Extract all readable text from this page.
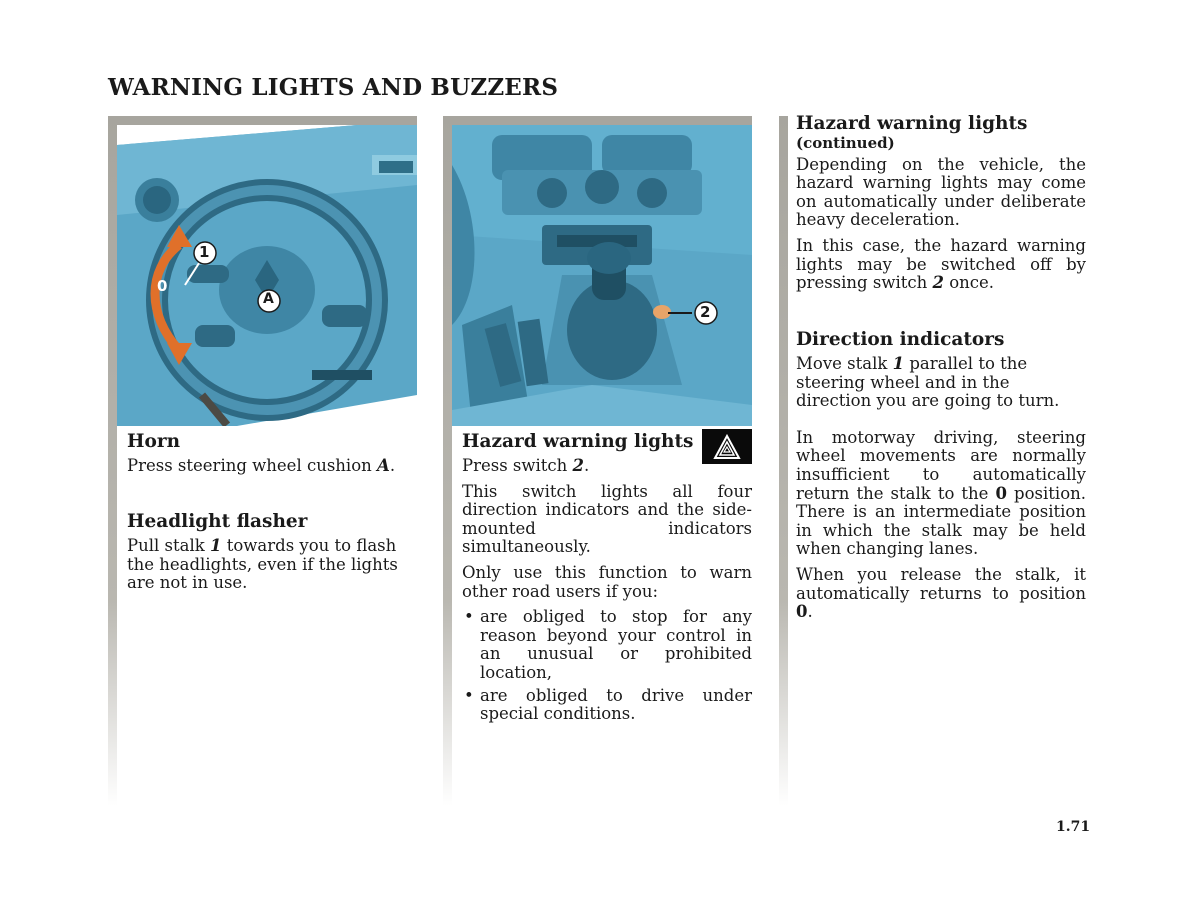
WARNING LIGHTS AND BUZZERS
1
0
A
2
Horn

Press steering wheel cushion A.

Headlight flasher

Pull stalk 1 towards you to flash the headlights, even if the lights are not in use.

Hazard warning lights

Press switch 2.

This switch lights all four direction indicators and the side-mounted indicators simultaneously.

Only use this function to warn other road users if you:

• are obliged to stop for any reason beyond your control in an unusual or prohibited location,
• are obliged to drive under special conditions.
Hazard warning lights
(continued)

Depending on the vehicle, the hazard warning lights may come on automatically under deliberate heavy deceleration.

In this case, the hazard warning lights may be switched off by pressing switch 2 once.

Direction indicators

Move stalk 1 parallel to the steering wheel and in the direction you are going to turn.

In motorway driving, steering wheel movements are normally insufficient to automatically return the stalk to the 0 position. There is an intermediate position in which the stalk may be held when changing lanes.

When you release the stalk, it automatically returns to position 0.

1.71
